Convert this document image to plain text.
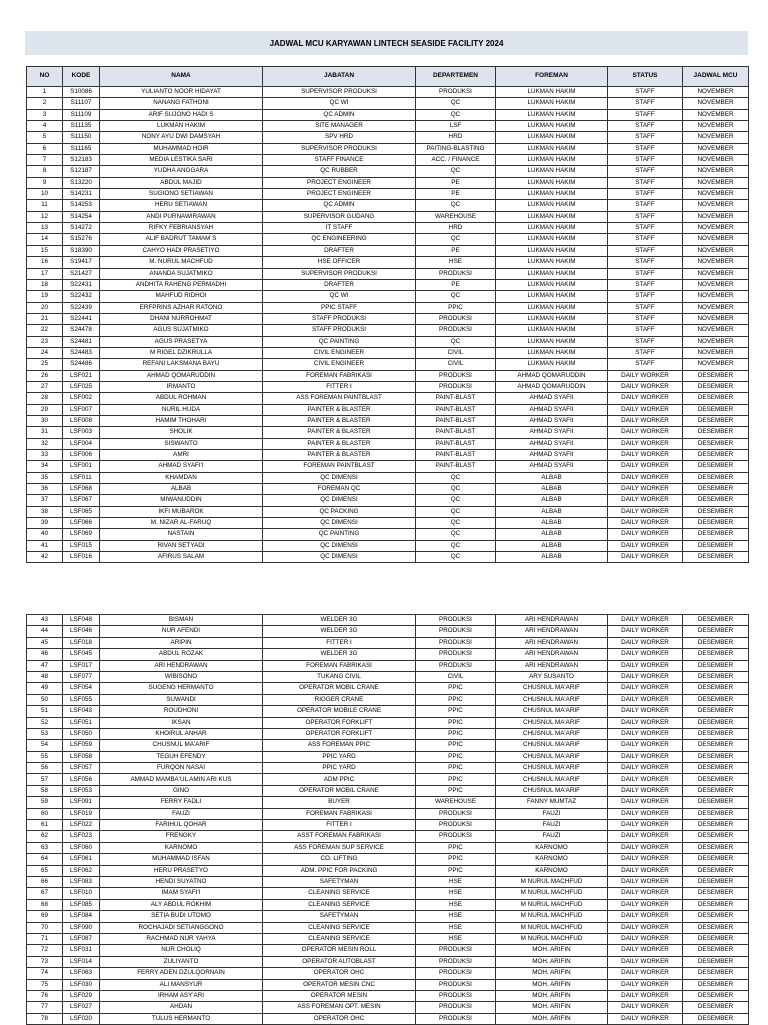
JADWAL MCU KARYAWAN LINTECH SEASIDE FACILITY 2024
NO	KODE	NAMA	JABATAN	DEPARTEMEN	FOREMAN	STATUS	JADWAL MCU
1	S10086	YULIANTO NOOR HIDAYAT	SUPERVISOR PRODUKSI	PRODUKSI	LUKMAN HAKIM	STAFF	NOVEMBER
2	S11107	NANANG FATHONI	QC WI	QC	LUKMAN HAKIM	STAFF	NOVEMBER
3	S11109	ARIF SUJONO HADI S	QC ADMIN	QC	LUKMAN HAKIM	STAFF	NOVEMBER
4	S11135	LUKMAN HAKIM	SITE MANAGER	LSF	LUKMAN HAKIM	STAFF	NOVEMBER
5	S11150	NONY AYU DWI DAMSYAH	SPV HRD	HRD	LUKMAN HAKIM	STAFF	NOVEMBER
6	S11165	MUHAMMAD HOIR	SUPERVISOR PRODUKSI	PAITING-BLASTING	LUKMAN HAKIM	STAFF	NOVEMBER
7	S12183	MEDIA LESTIKA SARI	STAFF FINANCE	ACC. / FINANCE	LUKMAN HAKIM	STAFF	NOVEMBER
8	S12187	YUDHA ANGGARA	QC RUBBER	QC	LUKMAN HAKIM	STAFF	NOVEMBER
9	S13220	ABDUL MAJID	PROJECT ENGINEER	PE	LUKMAN HAKIM	STAFF	NOVEMBER
10	S14231	SUGIONO SETIAWAN	PROJECT ENGINEER	PE	LUKMAN HAKIM	STAFF	NOVEMBER
11	S14253	HERU SETIAWAN	QC ADMIN	QC	LUKMAN HAKIM	STAFF	NOVEMBER
12	S14254	ANDI PURNAWIRAWAN	SUPERVISOR GUDANG	WAREHOUSE	LUKMAN HAKIM	STAFF	NOVEMBER
13	S14272	RIFKY FEBRIANSYAH	IT STAFF	HRD	LUKMAN HAKIM	STAFF	NOVEMBER
14	S15276	ALIF BADRUT TAMAM S	QC ENGINEERING	QC	LUKMAN HAKIM	STAFF	NOVEMBER
15	S18390	CAHYO HADI PRASETIYO	DRAFTER	PE	LUKMAN HAKIM	STAFF	NOVEMBER
16	S19417	M. NURUL MACHFUD	HSE OFFICER	HSE	LUKMAN HAKIM	STAFF	NOVEMBER
17	S21427	ANANDA SUJATMIKO	SUPERVISOR PRODUKSI	PRODUKSI	LUKMAN HAKIM	STAFF	NOVEMBER
18	S22431	ANDHITA RAHENG PERMADHI	DRAFTER	PE	LUKMAN HAKIM	STAFF	NOVEMBER
19	S22432	MAHFUD RIDHOI	QC WI	QC	LUKMAN HAKIM	STAFF	NOVEMBER
20	S22439	ERFPRINS AZHAR RATONO	PPIC STAFF	PPIC	LUKMAN HAKIM	STAFF	NOVEMBER
21	S22441	DHANI NURROHMAT	STAFF PRODUKSI	PRODUKSI	LUKMAN HAKIM	STAFF	NOVEMBER
22	S24478	AGUS SUJATMIKO	STAFF PRODUKSI	PRODUKSI	LUKMAN HAKIM	STAFF	NOVEMBER
23	S24481	AGUS PRASETYA	QC PAINTING	QC	LUKMAN HAKIM	STAFF	NOVEMBER
24	S24483	M RIGEL DZIKRULLA	CIVIL ENGINEER	CIVIL	LUKMAN HAKIM	STAFF	NOVEMBER
25	S24486	REFANI LAKSMANA BAYU	CIVIL ENGINEER	CIVIL	LUKMAN HAKIM	STAFF	NOVEMBER
26	LSF021	AHMAD QOMARUDDIN	FOREMAN FABRIKASI	PRODUKSI	AHMAD QOMARUDDIN	DAILY WORKER	DESEMBER
27	LSF025	IRMANTO	FITTER I	PRODUKSI	AHMAD QOMARUDDIN	DAILY WORKER	DESEMBER
28	LSF002	ABDUL ROHMAN	ASS FOREMAN PAINTBLAST	PAINT-BLAST	AHMAD SYAFII	DAILY WORKER	DESEMBER
29	LSF007	NURIL HUDA	PAINTER & BLASTER	PAINT-BLAST	AHMAD SYAFII	DAILY WORKER	DESEMBER
30	LSF008	HAMIM THOHARI	PAINTER & BLASTER	PAINT-BLAST	AHMAD SYAFII	DAILY WORKER	DESEMBER
31	LSF003	SHOLIK	PAINTER & BLASTER	PAINT-BLAST	AHMAD SYAFII	DAILY WORKER	DESEMBER
32	LSF004	SISWANTO	PAINTER & BLASTER	PAINT-BLAST	AHMAD SYAFII	DAILY WORKER	DESEMBER
33	LSF006	AMRI	PAINTER & BLASTER	PAINT-BLAST	AHMAD SYAFII	DAILY WORKER	DESEMBER
34	LSF001	AHMAD SYAFI'I	FOREMAN PAINTBLAST	PAINT-BLAST	AHMAD SYAFII	DAILY WORKER	DESEMBER
35	LSF011	KHAMDAN	QC DIMENSI	QC	ALBAB	DAILY WORKER	DESEMBER
36	LSF068	ALBAB	FOREMAN QC	QC	ALBAB	DAILY WORKER	DESEMBER
37	LSF067	MIWANUDDIN	QC DIMENSI	QC	ALBAB	DAILY WORKER	DESEMBER
38	LSF065	IKFI MUBAROK	QC PACKING	QC	ALBAB	DAILY WORKER	DESEMBER
39	LSF066	M. NIZAR AL-FARUQ	QC DIMENSI	QC	ALBAB	DAILY WORKER	DESEMBER
40	LSF069	NASTAIN	QC PAINTING	QC	ALBAB	DAILY WORKER	DESEMBER
41	LSF015	RIVAN SETYADI	QC DIMENSI	QC	ALBAB	DAILY WORKER	DESEMBER
42	LSF016	AFIRUS SALAM	QC DIMENSI	QC	ALBAB	DAILY WORKER	DESEMBER
43	LSF048	BISMAN	WELDER 3G	PRODUKSI	ARI HENDRAWAN	DAILY WORKER	DESEMBER
44	LSF046	NUR AFENDI	WELDER 3G	PRODUKSI	ARI HENDRAWAN	DAILY WORKER	DESEMBER
45	LSF018	ARIPIN	FITTER I	PRODUKSI	ARI HENDRAWAN	DAILY WORKER	DESEMBER
46	LSF045	ABDUL ROZAK	WELDER 3G	PRODUKSI	ARI HENDRAWAN	DAILY WORKER	DESEMBER
47	LSF017	ARI HENDRAWAN	FOREMAN FABRIKASI	PRODUKSI	ARI HENDRAWAN	DAILY WORKER	DESEMBER
48	LSF077	WIBISONO	TUKANG CIVIL	CIVIL	ARY SUSANTO	DAILY WORKER	DESEMBER
49	LSF054	SUGENG HERMANTO	OPERATOR MOBIL CRANE	PPIC	CHUSNUL MA'ARIF	DAILY WORKER	DESEMBER
50	LSF055	SUWANDI	RIGGER CRANE	PPIC	CHUSNUL MA'ARIF	DAILY WORKER	DESEMBER
51	LSF043	ROUDHONI	OPERATOR MOBILE CRANE	PPIC	CHUSNUL MA'ARIF	DAILY WORKER	DESEMBER
52	LSF051	IKSAN	OPERATOR FORKLIFT	PPIC	CHUSNUL MA'ARIF	DAILY WORKER	DESEMBER
53	LSF050	KHOIRUL ANHAR	OPERATOR FORKLIFT	PPIC	CHUSNUL MA'ARIF	DAILY WORKER	DESEMBER
54	LSF059	CHUSNUL MA'ARIF	ASS FOREMAN PPIC	PPIC	CHUSNUL MA'ARIF	DAILY WORKER	DESEMBER
55	LSF058	TEGUH EFENDY	PPIC YARD	PPIC	CHUSNUL MA'ARIF	DAILY WORKER	DESEMBER
56	LSF057	FURQON NASAI	PPIC YARD	PPIC	CHUSNUL MA'ARIF	DAILY WORKER	DESEMBER
57	LSF056	AMMAD MAMBA'UL AMIN ARI KUS	ADM PPIC	PPIC	CHUSNUL MA'ARIF	DAILY WORKER	DESEMBER
58	LSF053	GINO	OPERATOR MOBIL CRANE	PPIC	CHUSNUL MA'ARIF	DAILY WORKER	DESEMBER
59	LSF091	FERRY FADLI	BUYER	WAREHOUSE	FANNY MUMTAZ	DAILY WORKER	DESEMBER
60	LSF019	FAUZI	FOREMAN FABRIKASI	PRODUKSI	FAUZI	DAILY WORKER	DESEMBER
61	LSF022	FARIHUL QOHAR	FITTER I	PRODUKSI	FAUZI	DAILY WORKER	DESEMBER
62	LSF023	FRENGKY	ASST FOREMAN FABRIKASI	PRODUKSI	FAUZI	DAILY WORKER	DESEMBER
63	LSF060	KARNOMO	ASS FOREMAN SUP SERVICE	PPIC	KARNOMO	DAILY WORKER	DESEMBER
64	LSF061	MUHAMMAD ISFAN	CO. LIFTING	PPIC	KARNOMO	DAILY WORKER	DESEMBER
65	LSF062	HERU PRASETYO	ADM. PPIC FOR PACKING	PPIC	KARNOMO	DAILY WORKER	DESEMBER
66	LSF083	HENDI SUYATNO	SAFETYMAN	HSE	M NURUL MACHFUD	DAILY WORKER	DESEMBER
67	LSF010	IMAM SYAFI'I	CLEANING SERVICE	HSE	M NURUL MACHFUD	DAILY WORKER	DESEMBER
68	LSF085	ALY ABDUL ROKHIM	CLEANING SERVICE	HSE	M NURUL MACHFUD	DAILY WORKER	DESEMBER
69	LSF084	SETIA BUDI UTOMO	SAFETYMAN	HSE	M NURUL MACHFUD	DAILY WORKER	DESEMBER
70	LSF090	ROCHAJADI SETIANGGONO	CLEANING SERVICE	HSE	M NURUL MACHFUD	DAILY WORKER	DESEMBER
71	LSF087	RACHMAD NUR YAHYA	CLEANING SERVICE	HSE	M NURUL MACHFUD	DAILY WORKER	DESEMBER
72	LSF031	NUR CHOLIQ	OPERATOR MESIN ROLL	PRODUKSI	MOH. ARIFIN	DAILY WORKER	DESEMBER
73	LSF014	ZULIYANTO	OPERATOR AUTOBLAST	PRODUKSI	MOH. ARIFIN	DAILY WORKER	DESEMBER
74	LSF063	FERRY ADEN DZULQORNAIN	OPERATOR OHC	PRODUKSI	MOH. ARIFIN	DAILY WORKER	DESEMBER
75	LSF030	ALI MANSYUR	OPERATOR MESIN CNC	PRODUKSI	MOH. ARIFIN	DAILY WORKER	DESEMBER
76	LSF029	IRHAM ASY'ARI	OPERATOR MESIN	PRODUKSI	MOH. ARIFIN	DAILY WORKER	DESEMBER
77	LSF027	AHDAN	ASS FOREMAN OPT. MESIN	PRODUKSI	MOH. ARIFIN	DAILY WORKER	DESEMBER
78	LSF020	TULUS HERMANTO	OPERATOR OHC	PRODUKSI	MOH. ARIFIN	DAILY WORKER	DESEMBER
